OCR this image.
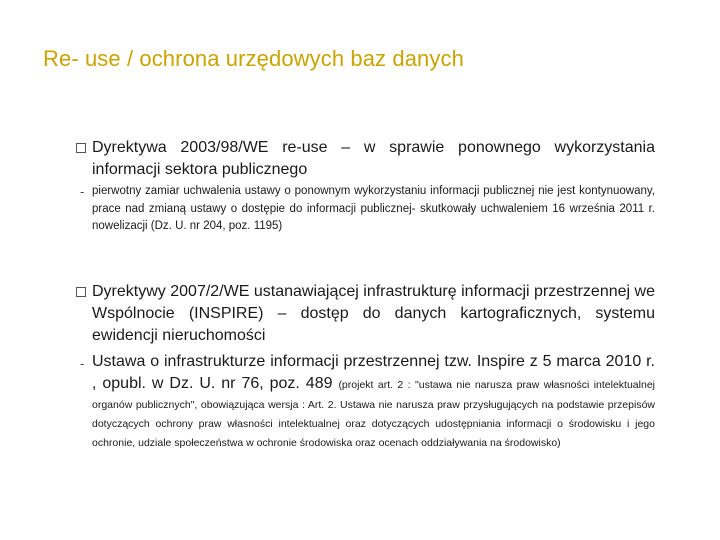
Re- use / ochrona urzędowych baz danych
Dyrektywa 2003/98/WE re-use – w sprawie ponownego wykorzystania informacji sektora publicznego
- pierwotny zamiar uchwalenia ustawy o ponownym wykorzystaniu informacji publicznej nie jest kontynuowany, prace nad zmianą ustawy o dostępie do informacji publicznej- skutkowały uchwaleniem 16 września 2011 r. nowelizacji (Dz. U. nr 204, poz. 1195)
Dyrektywy 2007/2/WE ustanawiającej infrastrukturę informacji przestrzennej we Wspólnocie (INSPIRE) – dostęp do danych kartograficznych, systemu ewidencji nieruchomości
- Ustawa o infrastrukturze informacji przestrzennej tzw. Inspire z 5 marca 2010 r. , opubl. w Dz. U. nr 76, poz. 489 (projekt art. 2 : "ustawa nie narusza praw własności intelektualnej organów publicznych", obowiązująca wersja : Art. 2. Ustawa nie narusza praw przysługujących na podstawie przepisów dotyczących ochrony praw własności intelektualnej oraz dotyczących udostępniania informacji o środowisku i jego ochronie, udziale społeczeństwa w ochronie środowiska oraz ocenach oddziaływania na środowisko)
